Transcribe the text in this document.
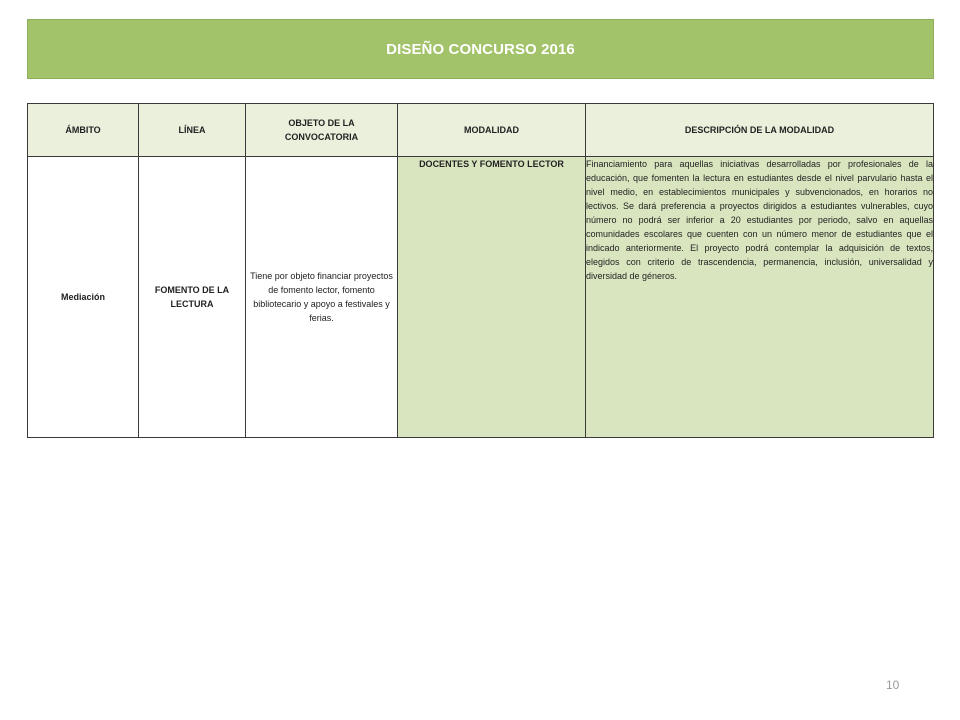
DISEÑO CONCURSO 2016
ÁMBITO	LÍNEA	OBJETO DE LA CONVOCATORIA	MODALIDAD	DESCRIPCIÓN DE LA MODALIDAD
Mediación	FOMENTO DE LA LECTURA	Tiene por objeto financiar proyectos de fomento lector, fomento bibliotecario y apoyo a festivales y ferias.	DOCENTES Y FOMENTO LECTOR	Financiamiento para aquellas iniciativas desarrolladas por profesionales de la educación, que fomenten la lectura en estudiantes desde el nivel parvulario hasta el nivel medio, en establecimientos municipales y subvencionados, en horarios no lectivos. Se dará preferencia a proyectos dirigidos a estudiantes vulnerables, cuyo número no podrá ser inferior a 20 estudiantes por periodo, salvo en aquellas comunidades escolares que cuenten con un número menor de estudiantes que el indicado anteriormente. El proyecto podrá contemplar la adquisición de textos, elegidos con criterio de trascendencia, permanencia, inclusión, universalidad y diversidad de géneros.
10
